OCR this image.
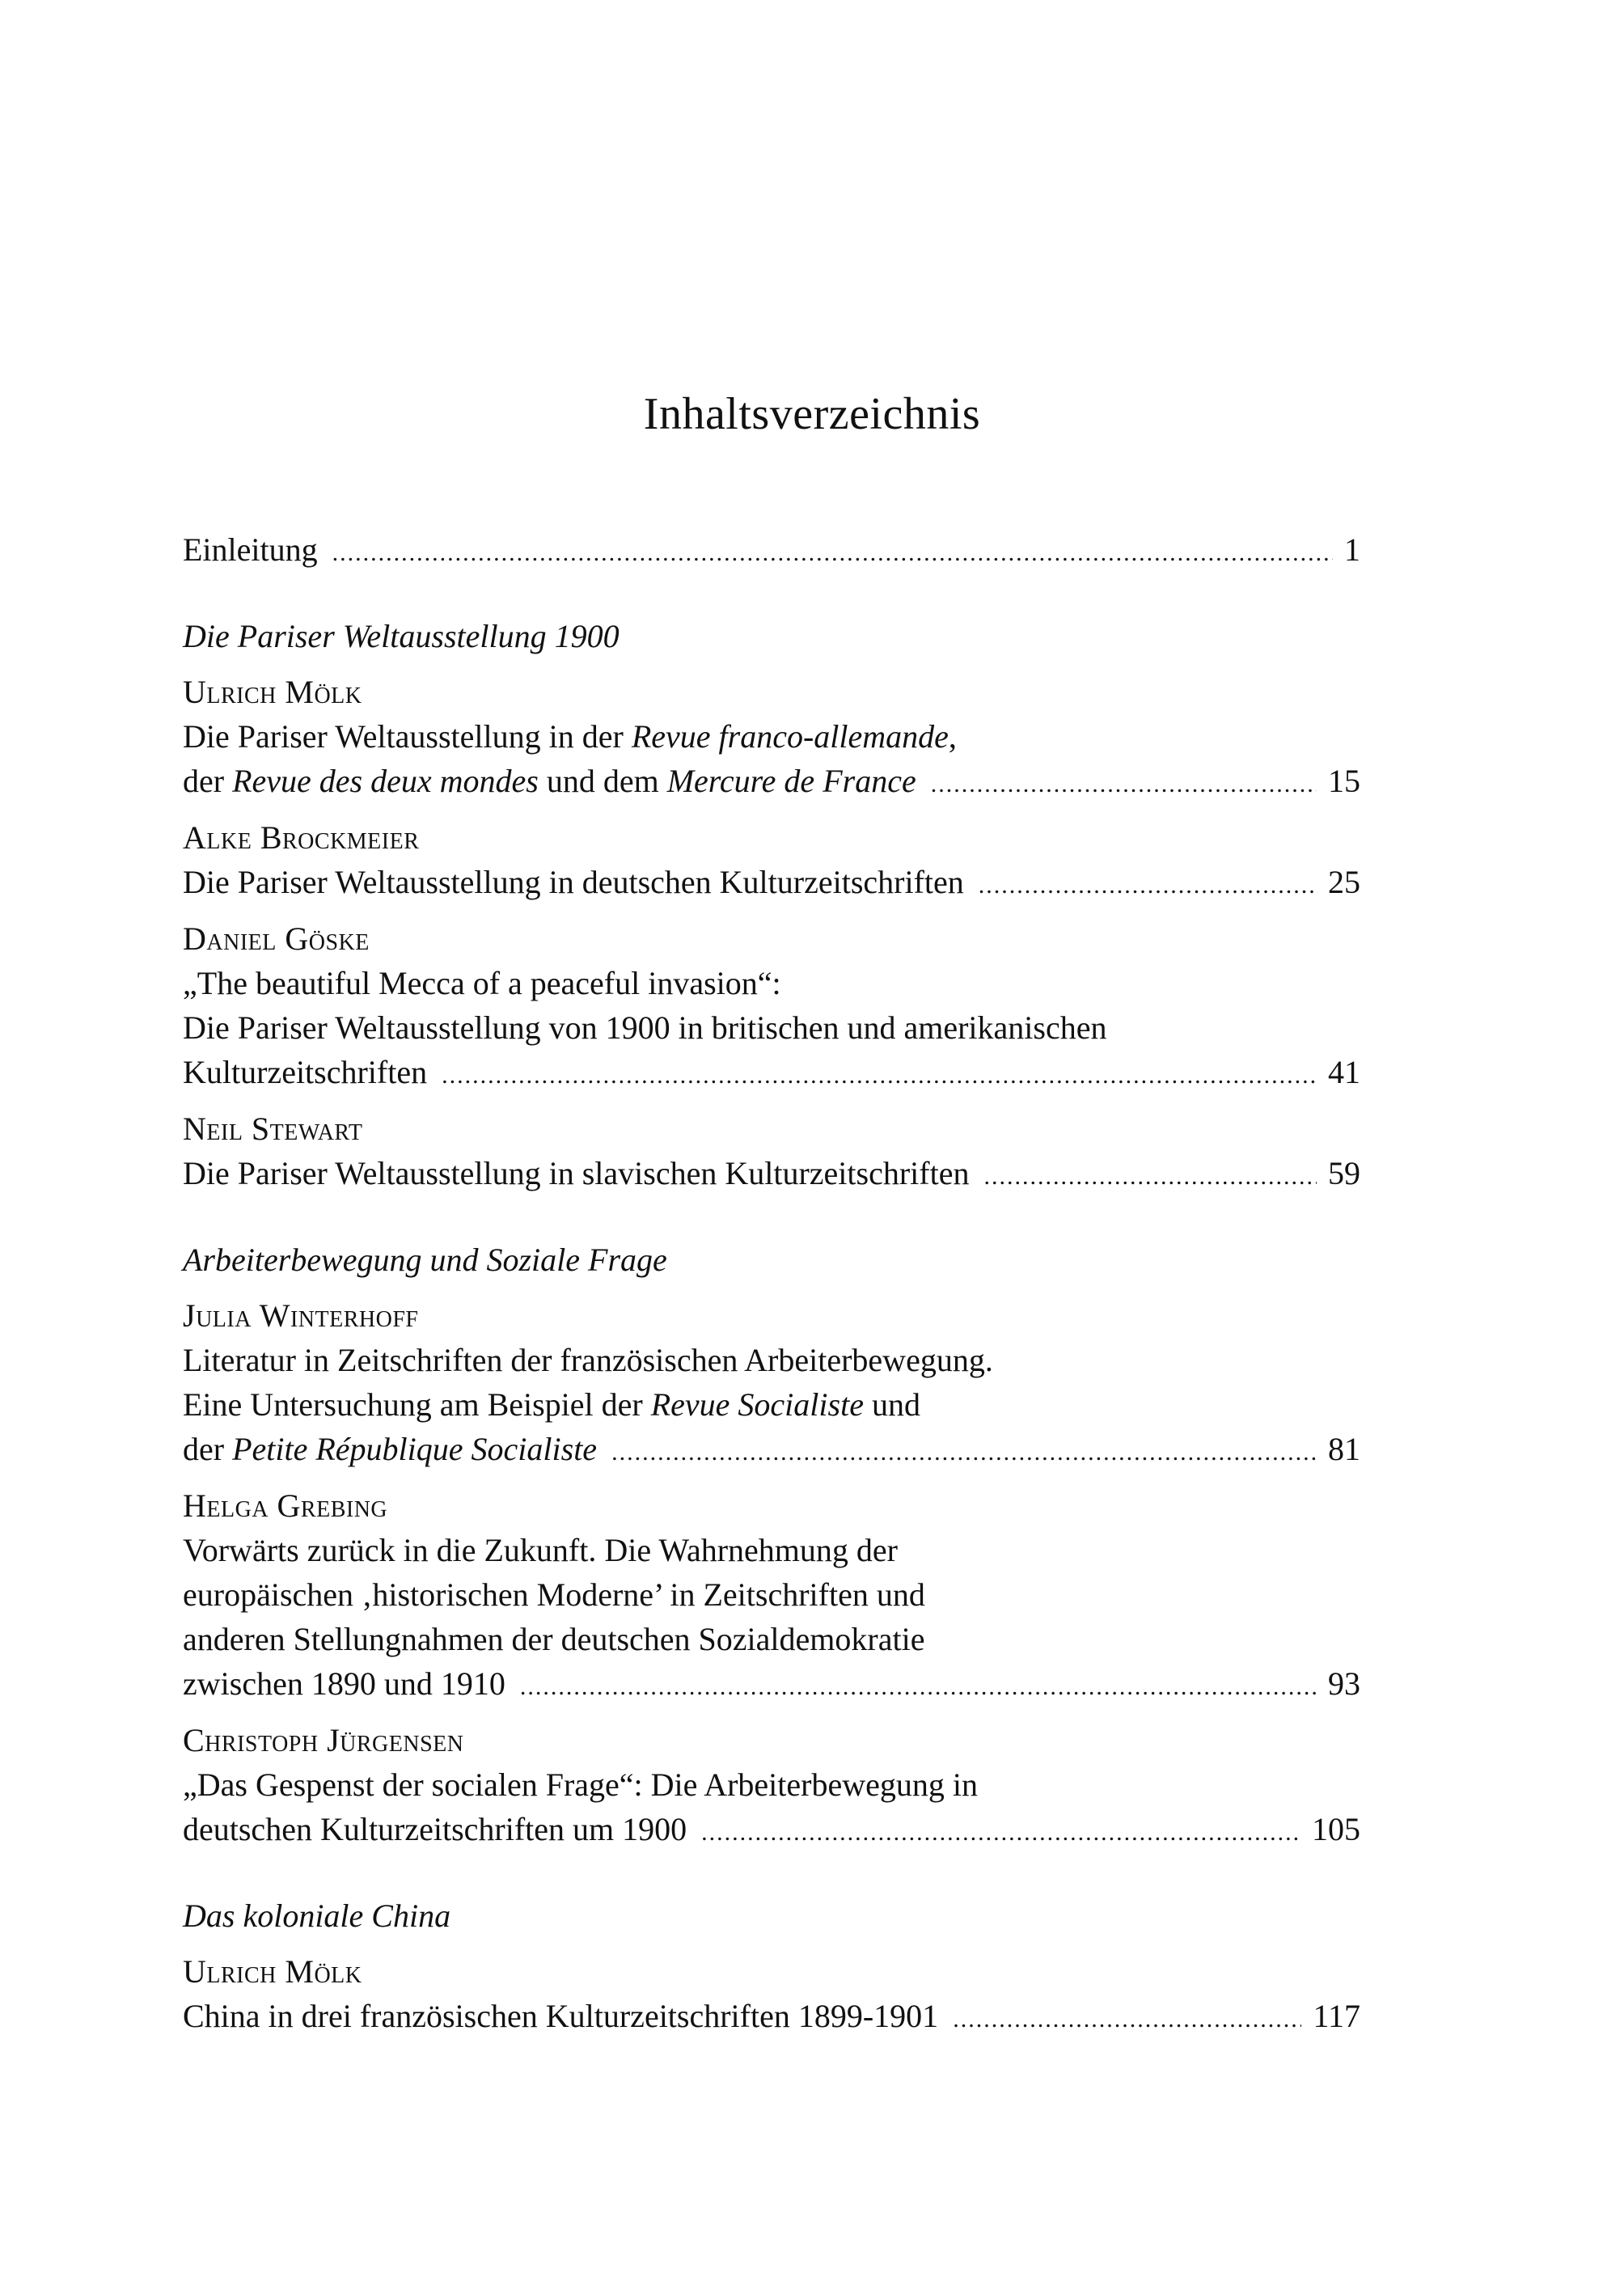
Inhaltsverzeichnis
Einleitung .....	1
Die Pariser Weltausstellung 1900
Ulrich Mölk
Die Pariser Weltausstellung in der Revue franco-allemande,
der Revue des deux mondes und dem Mercure de France .....	15
Alke Brockmeier
Die Pariser Weltausstellung in deutschen Kulturzeitschriften .....	25
Daniel Göske
„The beautiful Mecca of a peaceful invasion“:
Die Pariser Weltausstellung von 1900 in britischen und amerikanischen
Kulturzeitschriften .....	41
Neil Stewart
Die Pariser Weltausstellung in slavischen Kulturzeitschriften .....	59
Arbeiterbewegung und Soziale Frage
Julia Winterhoff
Literatur in Zeitschriften der französischen Arbeiterbewegung.
Eine Untersuchung am Beispiel der Revue Socialiste und
der Petite République Socialiste .....	81
Helga Grebing
Vorwärts zurück in die Zukunft. Die Wahrnehmung der
europäischen ‚historischen Moderne’ in Zeitschriften und
anderen Stellungnahmen der deutschen Sozialdemokratie
zwischen 1890 und 1910 .....	93
Christoph Jürgensen
„Das Gespenst der socialen Frage“: Die Arbeiterbewegung in
deutschen Kulturzeitschriften um 1900 .....	105
Das koloniale China
Ulrich Mölk
China in drei französischen Kulturzeitschriften 1899-1901 .....	117
